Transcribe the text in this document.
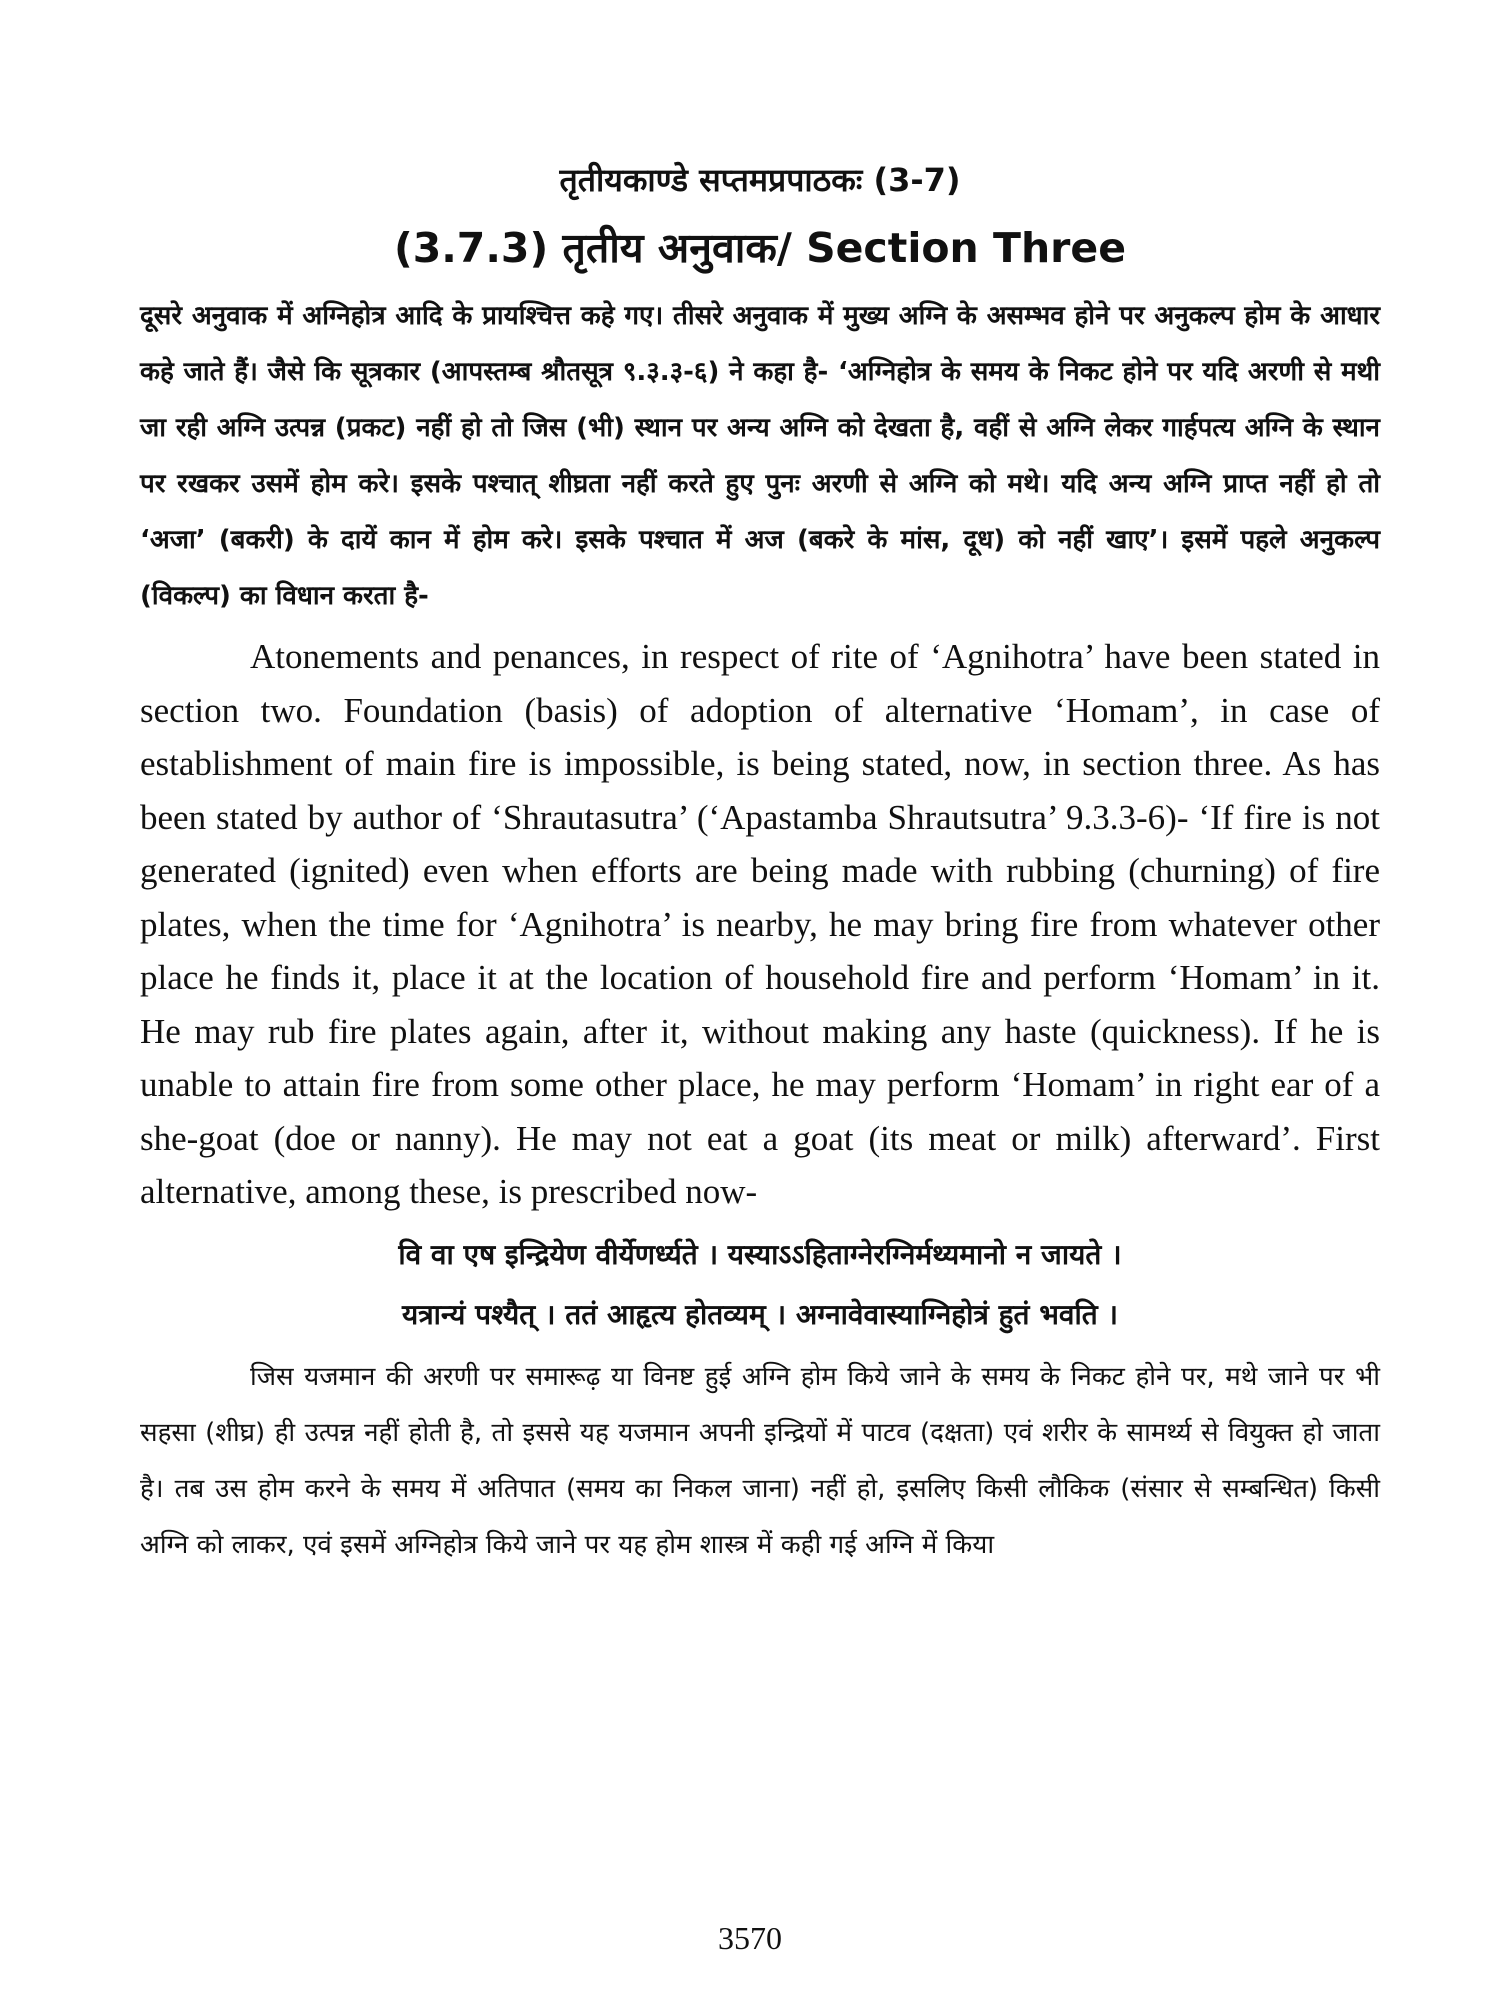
तृतीयकाण्डे सप्तमप्रपाठकः (3-7)

(3.7.3) तृतीय अनुवाक/ Section Three

दूसरे अनुवाक में अग्निहोत्र आदि के प्रायश्चित्त कहे गए। तीसरे अनुवाक में मुख्य अग्नि के असम्भव होने पर अनुकल्प होम के आधार कहे जाते हैं। जैसे कि सूत्रकार (आपस्तम्ब श्रौतसूत्र ९.३.३-६) ने कहा है- ‘अग्निहोत्र के समय के निकट होने पर यदि अरणी से मथी जा रही अग्नि उत्पन्न (प्रकट) नहीं हो तो जिस (भी) स्थान पर अन्य अग्नि को देखता है, वहीं से अग्नि लेकर गार्हपत्य अग्नि के स्थान पर रखकर उसमें होम करे। इसके पश्चात् शीघ्रता नहीं करते हुए पुनः अरणी से अग्नि को मथे। यदि अन्य अग्नि प्राप्त नहीं हो तो ‘अजा’ (बकरी) के दायें कान में होम करे। इसके पश्चात में अज (बकरे के मांस, दूध) को नहीं खाए’। इसमें पहले अनुकल्प (विकल्प) का विधान करता है-

Atonements and penances, in respect of rite of ‘Agnihotra’ have been stated in section two. Foundation (basis) of adoption of alternative ‘Homam’, in case of establishment of main fire is impossible, is being stated, now, in section three. As has been stated by author of ‘Shrautasutra’ (‘Apastamba Shrautsutra’ 9.3.3-6)- ‘If fire is not generated (ignited) even when efforts are being made with rubbing (churning) of fire plates, when the time for ‘Agnihotra’ is nearby, he may bring fire from whatever other place he finds it, place it at the location of household fire and perform ‘Homam’ in it. He may rub fire plates again, after it, without making any haste (quickness). If he is unable to attain fire from some other place, he may perform ‘Homam’ in right ear of a she-goat (doe or nanny). He may not eat a goat (its meat or milk) afterward’. First alternative, among these, is prescribed now-

वि वा एष इन्द्रियेण वीर्येणर्ध्यते । यस्याऽऽहिताग्नेरग्निर्मथ्यमानो न जायते ।

यत्रान्यं पश्यैत् । ततं आहृत्य होतव्यम् । अग्नावेवास्याग्निहोत्रं हुतं भवति ।

जिस यजमान की अरणी पर समारूढ़ या विनष्ट हुई अग्नि होम किये जाने के समय के निकट होने पर, मथे जाने पर भी सहसा (शीघ्र) ही उत्पन्न नहीं होती है, तो इससे यह यजमान अपनी इन्द्रियों में पाटव (दक्षता) एवं शरीर के सामर्थ्य से वियुक्त हो जाता है। तब उस होम करने के समय में अतिपात (समय का निकल जाना) नहीं हो, इसलिए किसी लौकिक (संसार से सम्बन्धित) किसी अग्नि को लाकर, एवं इसमें अग्निहोत्र किये जाने पर यह होम शास्त्र में कही गई अग्नि में किया

3570
